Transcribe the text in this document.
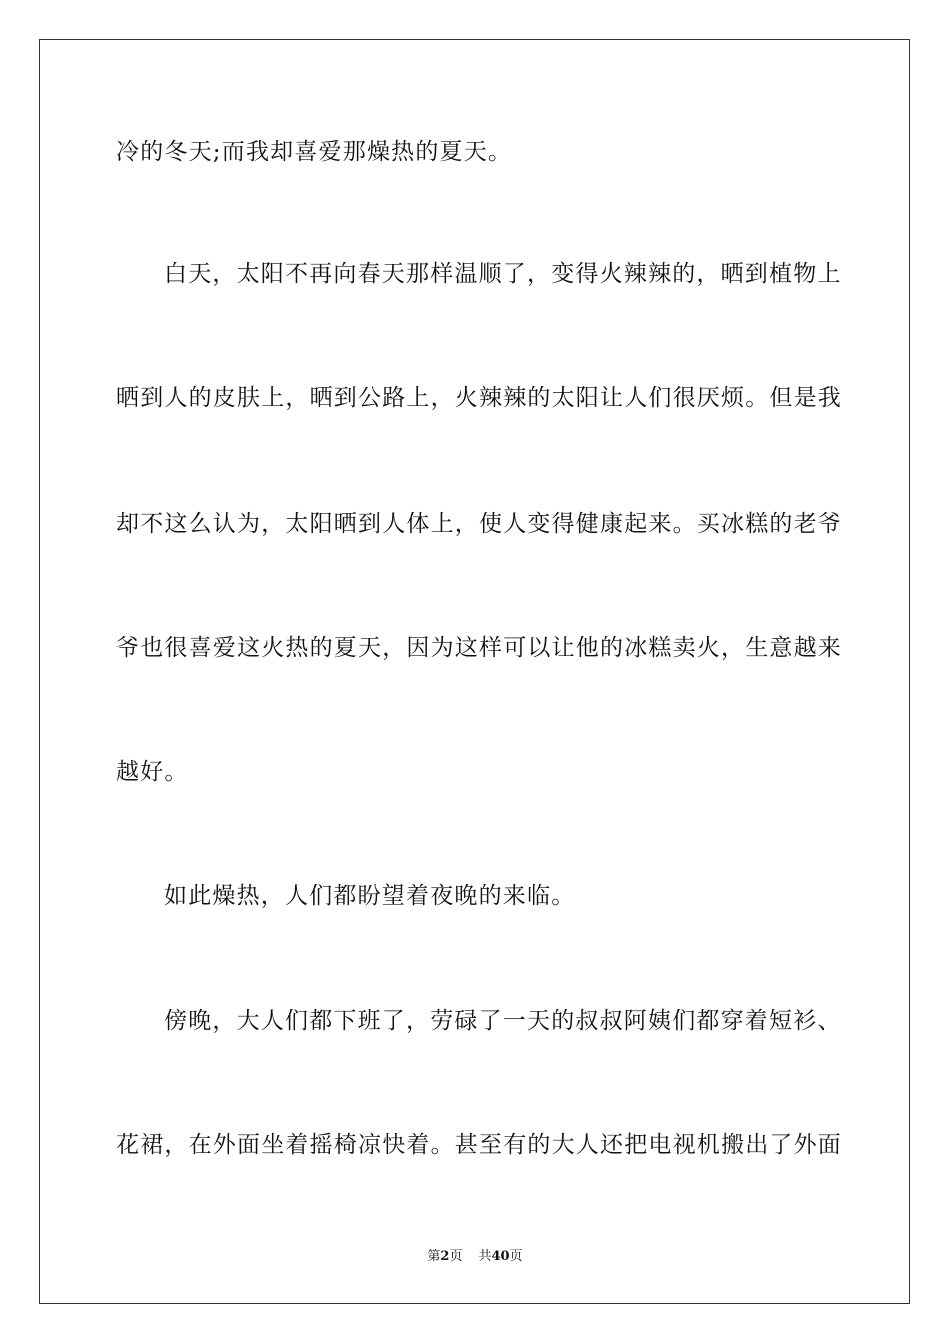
冷的冬天;而我却喜爱那燥热的夏天。
白天，太阳不再向春天那样温顺了，变得火辣辣的，晒到植物上
晒到人的皮肤上，晒到公路上，火辣辣的太阳让人们很厌烦。但是我
却不这么认为，太阳晒到人体上，使人变得健康起来。买冰糕的老爷
爷也很喜爱这火热的夏天，因为这样可以让他的冰糕卖火，生意越来
越好。
如此燥热，人们都盼望着夜晚的来临。
傍晚，大人们都下班了，劳碌了一天的叔叔阿姨们都穿着短衫、
花裙，在外面坐着摇椅凉快着。甚至有的大人还把电视机搬出了外面
第2页 共40页
